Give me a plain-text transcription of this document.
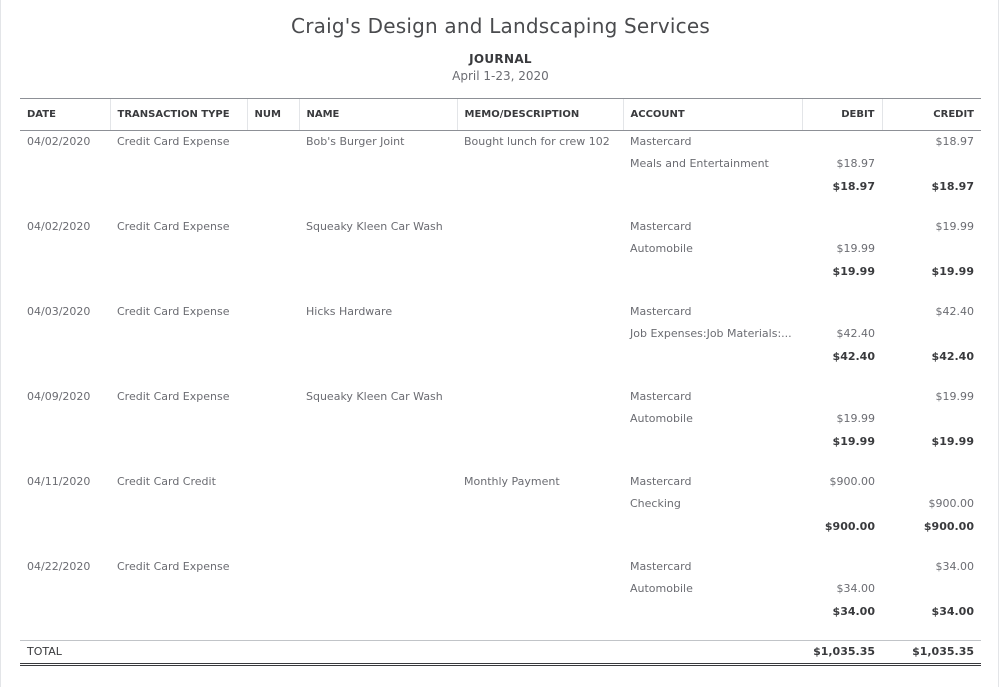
Craig's Design and Landscaping Services
JOURNAL
April 1-23, 2020
DATE	TRANSACTION TYPE	NUM	NAME	MEMO/DESCRIPTION	ACCOUNT	DEBIT	CREDIT
04/02/2020	Credit Card Expense		Bob's Burger Joint	Bought lunch for crew 102	Mastercard		$18.97
					Meals and Entertainment	$18.97	
						$18.97	$18.97

04/02/2020	Credit Card Expense		Squeaky Kleen Car Wash		Mastercard		$19.99
					Automobile	$19.99	
						$19.99	$19.99

04/03/2020	Credit Card Expense		Hicks Hardware		Mastercard		$42.40
					Job Expenses:Job Materials:...	$42.40	
						$42.40	$42.40

04/09/2020	Credit Card Expense		Squeaky Kleen Car Wash		Mastercard		$19.99
					Automobile	$19.99	
						$19.99	$19.99

04/11/2020	Credit Card Credit			Monthly Payment	Mastercard	$900.00	
					Checking		$900.00
						$900.00	$900.00

04/22/2020	Credit Card Expense				Mastercard		$34.00
					Automobile	$34.00	
						$34.00	$34.00

TOTAL						$1,035.35	$1,035.35
